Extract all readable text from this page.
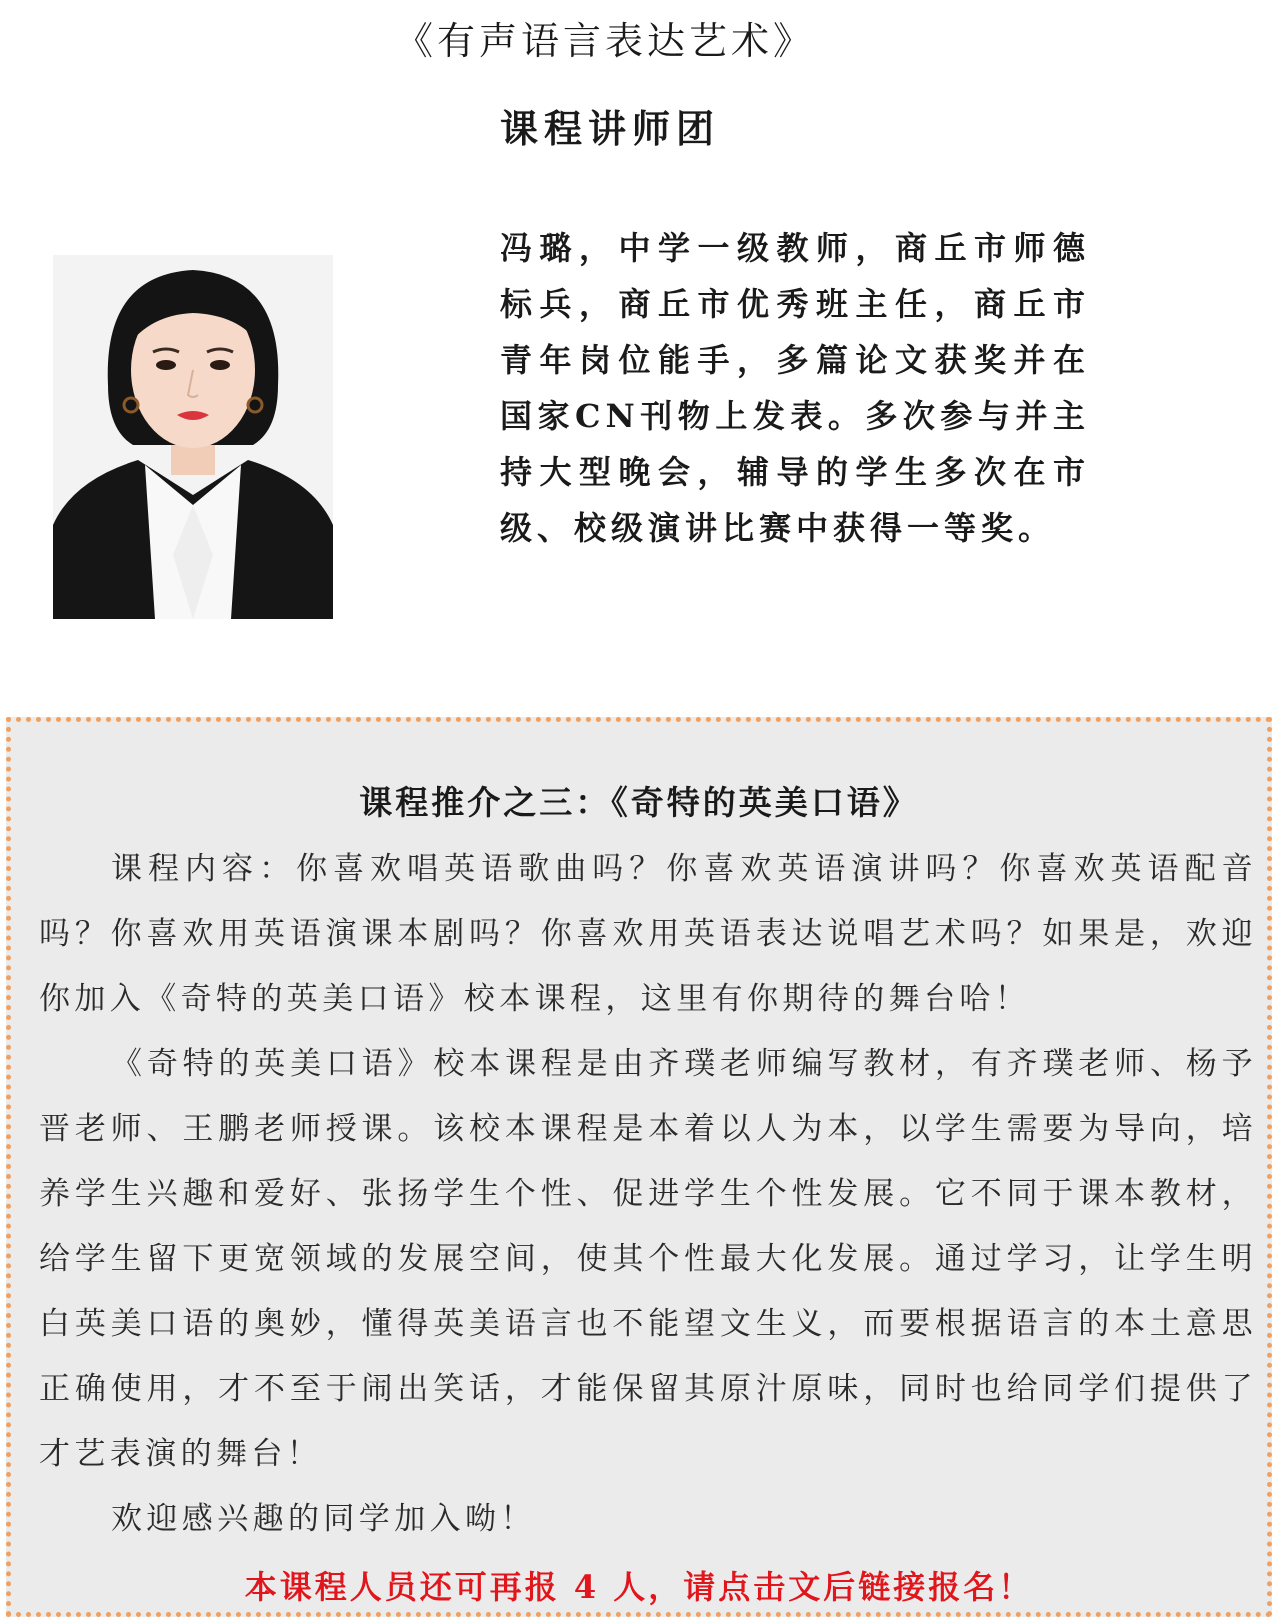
《有声语言表达艺术》
课程讲师团
冯璐，中学一级教师，商丘市师德标兵，商丘市优秀班主任，商丘市青年岗位能手，多篇论文获奖并在国家CN刊物上发表。多次参与并主持大型晚会，辅导的学生多次在市级、校级演讲比赛中获得一等奖。
课程推介之三：《奇特的英美口语》

课程内容：你喜欢唱英语歌曲吗？你喜欢英语演讲吗？你喜欢英语配音吗？你喜欢用英语演课本剧吗？你喜欢用英语表达说唱艺术吗？如果是，欢迎你加入《奇特的英美口语》校本课程，这里有你期待的舞台哈！

《奇特的英美口语》校本课程是由齐璞老师编写教材，有齐璞老师、杨予晋老师、王鹏老师授课。该校本课程是本着以人为本，以学生需要为导向，培养学生兴趣和爱好、张扬学生个性、促进学生个性发展。它不同于课本教材，给学生留下更宽领域的发展空间，使其个性最大化发展。通过学习，让学生明白英美口语的奥妙，懂得英美语言也不能望文生义，而要根据语言的本土意思正确使用，才不至于闹出笑话，才能保留其原汁原味，同时也给同学们提供了才艺表演的舞台！

欢迎感兴趣的同学加入呦！

本课程人员还可再报 4 人，请点击文后链接报名！
